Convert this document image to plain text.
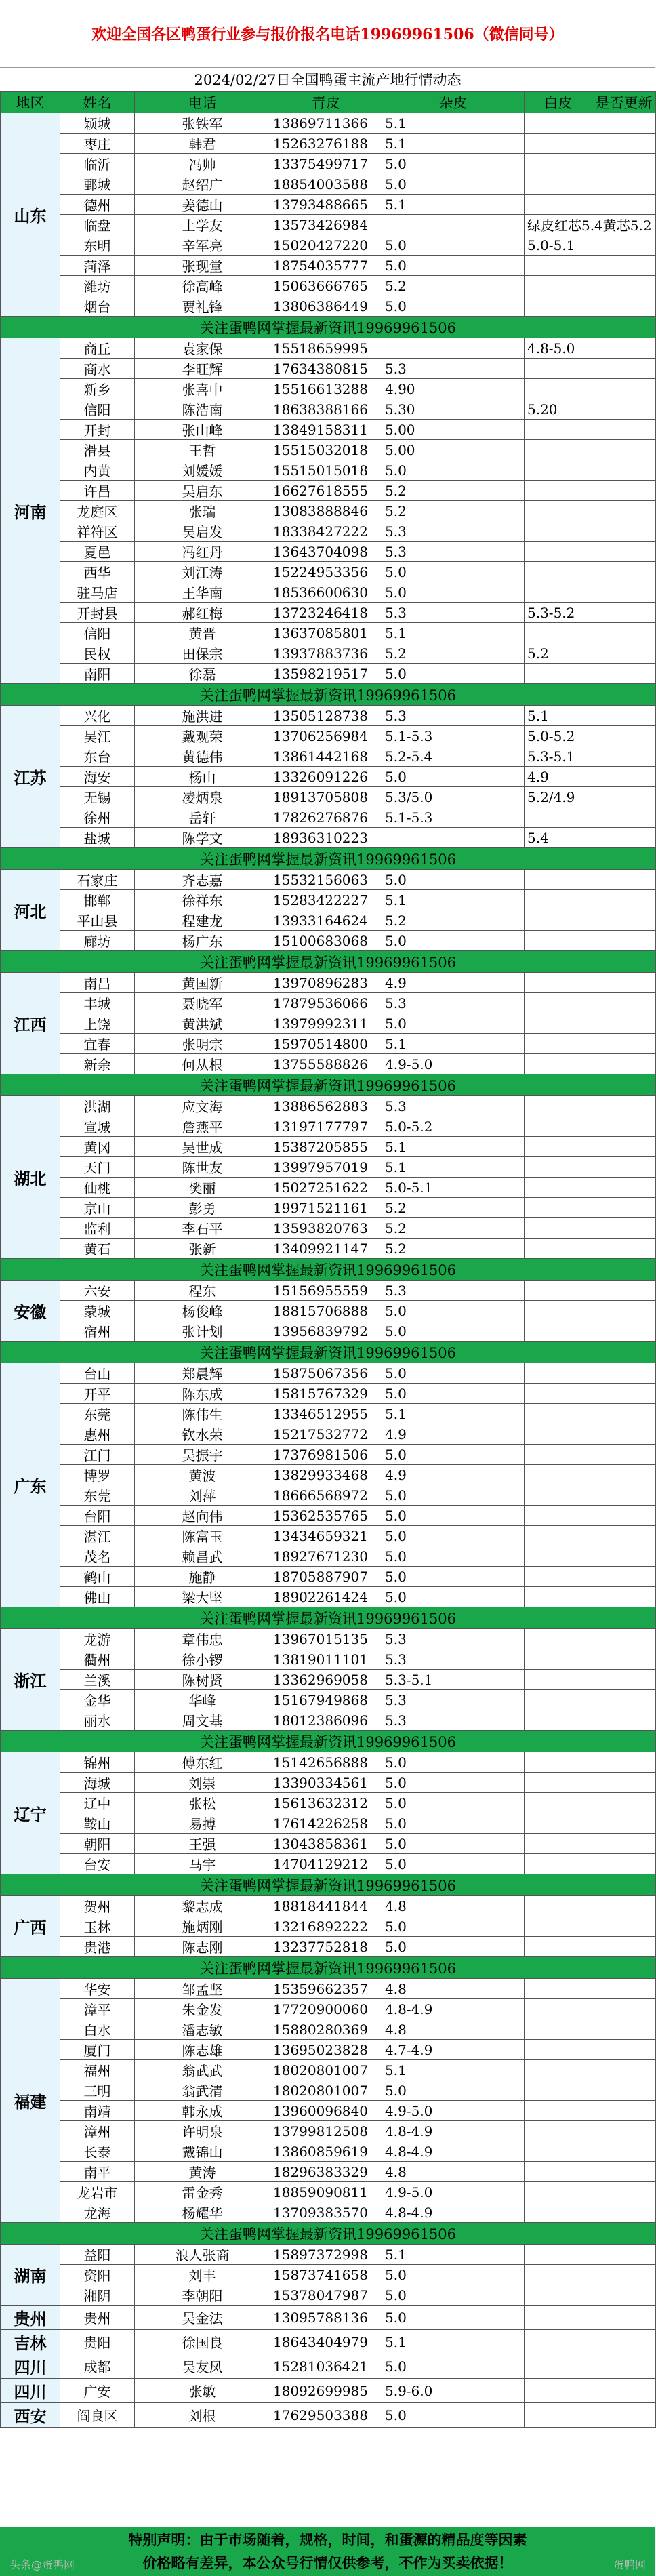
欢迎全国各区鸭蛋行业参与报价报名电话19969961506（微信同号）
2024/02/27日全国鸭蛋主流产地行情动态
地区	姓名	电话	青皮	杂皮	白皮	是否更新	
山东	颖城	张铁军	13869711366	5.1			
	枣庄	韩君	15263276188	5.1			
	临沂	冯帅	13375499717	5.0			
	鄄城	赵绍广	18854003588	5.0			
	德州	姜德山	13793488665	5.1			
	临盘	土学友	13573426984		绿皮红芯5.4黄芯5.2		
	东明	辛军亮	15020427220	5.0	5.0-5.1		
	菏泽	张现堂	18754035777	5.0			
	潍坊	徐高峰	15063666765	5.2			
	烟台	贾礼锋	13806386449	5.0			
关注蛋鸭网掌握最新资讯19969961506							
河南	商丘	袁家保	15518659995		4.8-5.0		
	商水	李旺辉	17634380815	5.3			
	新乡	张喜中	15516613288	4.90			
	信阳	陈浩南	18638388166	5.30	5.20		
	开封	张山峰	13849158311	5.00			
	滑县	王哲	15515032018	5.00			
	内黄	刘媛媛	15515015018	5.0			
	许昌	吴启东	16627618555	5.2			
	龙庭区	张瑞	13083888846	5.2			
	祥符区	吴启发	18338427222	5.3			
	夏邑	冯红丹	13643704098	5.3			
	西华	刘江涛	15224953356	5.0			
	驻马店	王华南	18536600630	5.0			
	开封县	郝红梅	13723246418	5.3	5.3-5.2		
	信阳	黄晋	13637085801	5.1			
	民权	田保宗	13937883736	5.2	5.2		
	南阳	徐磊	13598219517	5.0			
关注蛋鸭网掌握最新资讯19969961506							
江苏	兴化	施洪进	13505128738	5.3	5.1		
	吴江	戴观荣	13706256984	5.1-5.3	5.0-5.2		
	东台	黄德伟	13861442168	5.2-5.4	5.3-5.1		
	海安	杨山	13326091226	5.0	4.9		
	无锡	凌炳泉	18913705808	5.3/5.0	5.2/4.9		
	徐州	岳轩	17826276876	5.1-5.3			
	盐城	陈学文	18936310223		5.4		
关注蛋鸭网掌握最新资讯19969961506							
河北	石家庄	齐志嘉	15532156063	5.0			
	邯郸	徐祥东	15283422227	5.1			
	平山县	程建龙	13933164624	5.2			
	廊坊	杨广东	15100683068	5.0			
关注蛋鸭网掌握最新资讯19969961506							
江西	南昌	黄国新	13970896283	4.9			
	丰城	聂晓军	17879536066	5.3			
	上饶	黄洪斌	13979992311	5.0			
	宜春	张明宗	15970514800	5.1			
	新余	何从根	13755588826	4.9-5.0			
关注蛋鸭网掌握最新资讯19969961506							
湖北	洪湖	应文海	13886562883	5.3			
	宣城	詹燕平	13197177797	5.0-5.2			
	黄冈	吴世成	15387205855	5.1			
	天门	陈世友	13997957019	5.1			
	仙桃	樊丽	15027251622	5.0-5.1			
	京山	彭勇	19971521161	5.2			
	监利	李石平	13593820763	5.2			
	黄石	张新	13409921147	5.2			
关注蛋鸭网掌握最新资讯19969961506							
安徽	六安	程东	15156955559	5.3			
	蒙城	杨俊峰	18815706888	5.0			
	宿州	张计划	13956839792	5.0			
关注蛋鸭网掌握最新资讯19969961506							
广东	台山	郑晨辉	15875067356	5.0			
	开平	陈东成	15815767329	5.0			
	东莞	陈伟生	13346512955	5.1			
	惠州	钦水荣	15217532772	4.9			
	江门	吴振宇	17376981506	5.0			
	博罗	黄波	13829933468	4.9			
	东莞	刘萍	18666568972	5.0			
	台阳	赵向伟	15362535765	5.0			
	湛江	陈富玉	13434659321	5.0			
	茂名	赖昌武	18927671230	5.0			
	鹤山	施静	18705887907	5.0			
	佛山	梁大堅	18902261424	5.0			
关注蛋鸭网掌握最新资讯19969961506							
浙江	龙游	章伟忠	13967015135	5.3			
	衢州	徐小锣	13819011101	5.3			
	兰溪	陈树贤	13362969058	5.3-5.1			
	金华	华峰	15167949868	5.3			
	丽水	周文基	18012386096	5.3			
关注蛋鸭网掌握最新资讯19969961506							
辽宁	锦州	傅东红	15142656888	5.0			
	海城	刘崇	13390334561	5.0			
	辽中	张松	15613632312	5.0			
	鞍山	易搏	17614226258	5.0			
	朝阳	王强	13043858361	5.0			
	台安	马宇	14704129212	5.0			
关注蛋鸭网掌握最新资讯19969961506							
广西	贺州	黎志成	18818441844	4.8			
	玉林	施炳刚	13216892222	5.0			
	贵港	陈志刚	13237752818	5.0			
关注蛋鸭网掌握最新资讯19969961506							
福建	华安	邹孟坚	15359662357	4.8			
	漳平	朱金发	17720900060	4.8-4.9			
	白水	潘志敏	15880280369	4.8			
	厦门	陈志雄	13695023828	4.7-4.9			
	福州	翁武武	18020801007	5.1			
	三明	翁武清	18020801007	5.0			
	南靖	韩永成	13960096840	4.9-5.0			
	漳州	许明泉	13799812508	4.8-4.9			
	长泰	戴锦山	13860859619	4.8-4.9			
	南平	黄涛	18296383329	4.8			
	龙岩市	雷金秀	18859090811	4.9-5.0			
	龙海	杨耀华	13709383570	4.8-4.9			
关注蛋鸭网掌握最新资讯19969961506							
湖南	益阳	浪人张商	15897372998	5.1			
	资阳	刘丰	15873741658	5.0			
	湘阴	李朝阳	15378047987	5.0			
贵州	贵州	吴金法	13095788136	5.0			
吉林	贵阳	徐国良	18643404979	5.1			
四川	成都	吴友凤	15281036421	5.0			
四川	广安	张敏	18092699985	5.9-6.0			
西安	阎良区	刘根	17629503388	5.0			
特别声明：由于市场随着，规格，时间，和蛋源的精品度等因素
价格略有差异，本公众号行情仅供参考，不作为买卖依据！
头条@蛋鸭网	蛋鸭网
